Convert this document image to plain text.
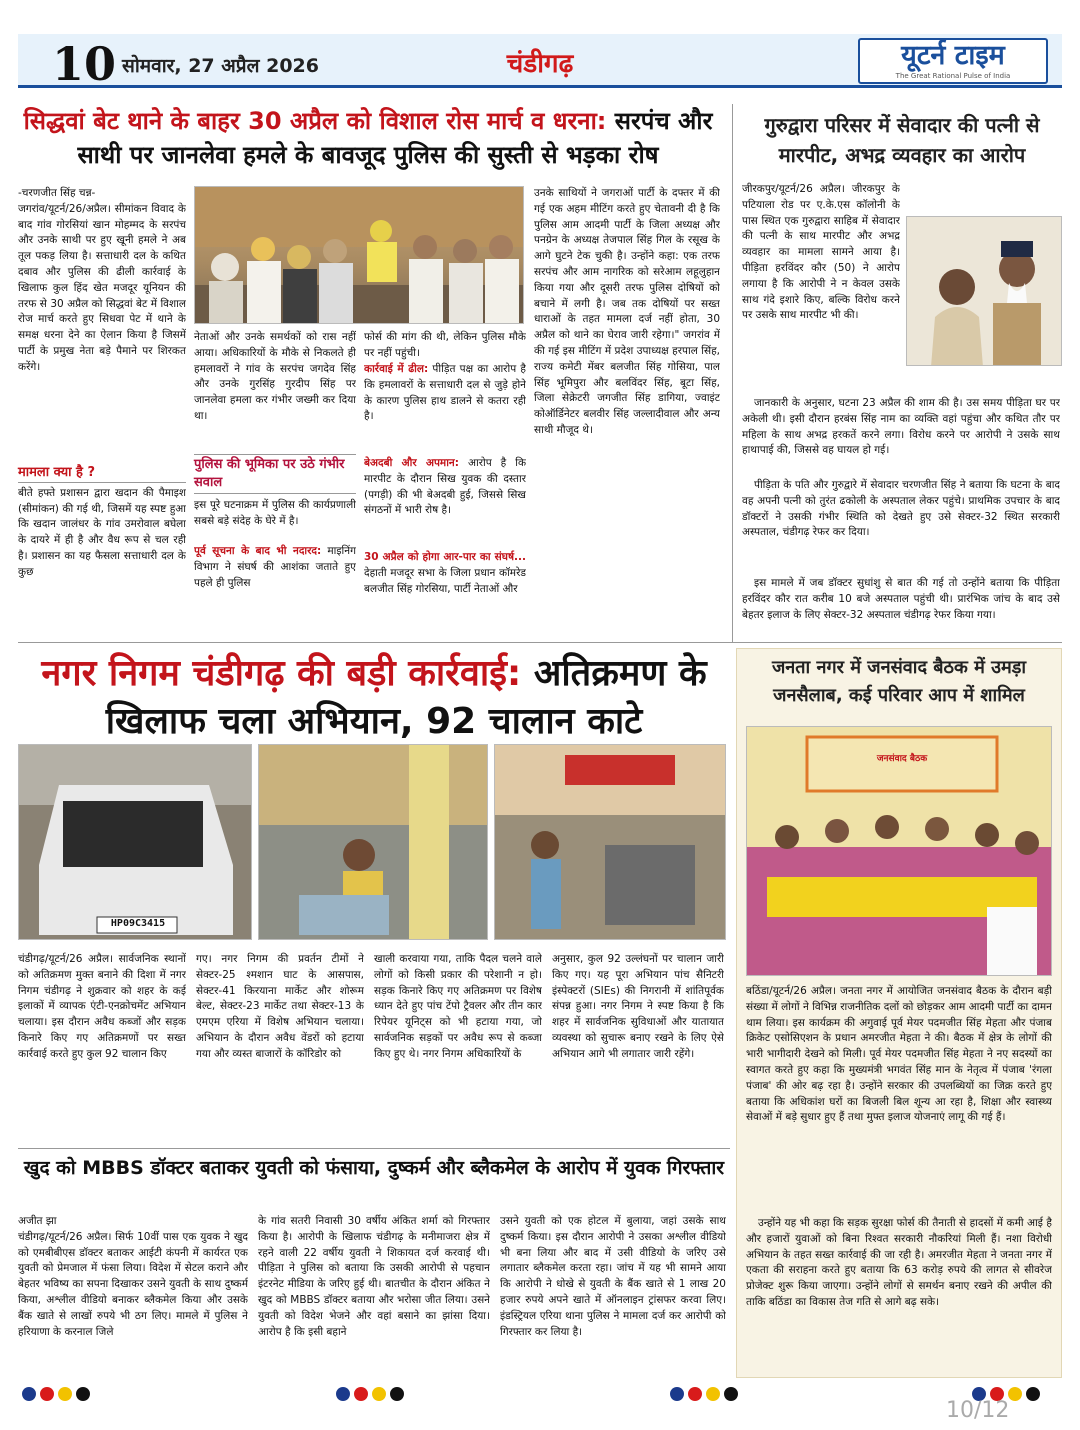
10 सोमवार, 27 अप्रैल 2026	चंडीगढ़	यूटर्न टाइम
The Great Rational Pulse of India
सिद्धवां बेट थाने के बाहर 30 अप्रैल को विशाल रोस मार्च व धरना: सरपंच और साथी पर जानलेवा हमले के बावजूद पुलिस की सुस्ती से भड़का रोष
-चरणजीत सिंह चन्न-
जगरांव/यूटर्न/26/अप्रैल। सीमांकन विवाद के बाद गांव गोरसियां खान मोहम्मद के सरपंच और उनके साथी पर हुए खूनी हमले ने अब तूल पकड़ लिया है। सत्ताधारी दल के कथित दबाव और पुलिस की ढीली कार्रवाई के खिलाफ कुल हिंद खेत मजदूर यूनियन की तरफ से 30 अप्रैल को सिद्धवां बेट में विशाल रोज मार्च करते हुए सिधवा पेट में थाने के समक्ष धरना देने का ऐलान किया है जिसमें पार्टी के प्रमुख नेता बड़े पैमाने पर शिरकत करेंगे।
मामला क्या है ?
बीते हफ्ते प्रशासन द्वारा खदान की पैमाइश (सीमांकन) की गई थी, जिसमें यह स्पष्ट हुआ कि खदान जालंधर के गांव उमरोवाल बघेला के दायरे में ही है और वैध रूप से चल रही है। प्रशासन का यह फैसला सत्ताधारी दल के कुछ
नेताओं और उनके समर्थकों को रास नहीं आया। अधिकारियों के मौके से निकलते ही हमलावरों ने गांव के सरपंच जगदेव सिंह और उनके गुरसिंह गुरदीप सिंह पर जानलेवा हमला कर गंभीर जख्मी कर दिया था।
पुलिस की भूमिका पर उठे गंभीर सवाल
इस पूरे घटनाक्रम में पुलिस की कार्यप्रणाली सबसे बड़े संदेह के घेरे में है।
पूर्व सूचना के बाद भी नदारद: माइनिंग विभाग ने संघर्ष की आशंका जताते हुए पहले ही पुलिस
फोर्स की मांग की थी, लेकिन पुलिस मौके पर नहीं पहुंची।
कार्रवाई में ढील: पीड़ित पक्ष का आरोप है कि हमलावरों के सत्ताधारी दल से जुड़े होने के कारण पुलिस हाथ डालने से कतरा रही है।
बेअदबी और अपमान: आरोप है कि मारपीट के दौरान सिख युवक की दस्तार (पगड़ी) की भी बेअदबी हुई, जिससे सिख संगठनों में भारी रोष है।
30 अप्रैल को होगा आर-पार का संघर्ष... देहाती मजदूर सभा के जिला प्रधान कॉमरेड बलजीत सिंह गोरसिया, पार्टी नेताओं और
उनके साथियों ने जगराओं पार्टी के दफ्तर में की गई एक अहम मीटिंग करते हुए चेतावनी दी है कि पुलिस आम आदमी पार्टी के जिला अध्यक्ष और पनग्रेन के अध्यक्ष तेजपाल सिंह गिल के रसूख के आगे घुटने टेक चुकी है। उन्होंने कहा: एक तरफ सरपंच और आम नागरिक को सरेआम लहूलुहान किया गया और दूसरी तरफ पुलिस दोषियों को बचाने में लगी है। जब तक दोषियों पर सख्त धाराओं के तहत मामला दर्ज नहीं होता, 30 अप्रैल को थाने का घेराव जारी रहेगा।" जगरांव में की गई इस मीटिंग में प्रदेश उपाध्यक्ष हरपाल सिंह, राज्य कमेटी मेंबर बलजीत सिंह गोसिया, पाल सिंह भूमिपुरा और बलविंदर सिंह, बूटा सिंह, जिला सेक्रेटरी जगजीत सिंह डागिया, ज्वाइंट कोऑर्डिनेटर बलवीर सिंह जल्लादीवाल और अन्य साथी मौजूद थे।
गुरुद्वारा परिसर में सेवादार की पत्नी से मारपीट, अभद्र व्यवहार का आरोप
जीरकपुर/यूटर्न/26 अप्रैल। जीरकपुर के पटियाला रोड पर ए.के.एस कॉलोनी के पास स्थित एक गुरुद्वारा साहिब में सेवादार की पत्नी के साथ मारपीट और अभद्र व्यवहार का मामला सामने आया है। पीड़िता हरविंदर कौर (50) ने आरोप लगाया है कि आरोपी ने न केवल उसके साथ गंदे इशारे किए, बल्कि विरोध करने पर उसके साथ मारपीट भी की।
जानकारी के अनुसार, घटना 23 अप्रैल की शाम की है। उस समय पीड़िता घर पर अकेली थी। इसी दौरान हरबंस सिंह नाम का व्यक्ति वहां पहुंचा और कथित तौर पर महिला के साथ अभद्र हरकतें करने लगा। विरोध करने पर आरोपी ने उसके साथ हाथापाई की, जिससे वह घायल हो गई।
पीड़िता के पति और गुरुद्वारे में सेवादार चरणजीत सिंह ने बताया कि घटना के बाद वह अपनी पत्नी को तुरंत ढकोली के अस्पताल लेकर पहुंचे। प्राथमिक उपचार के बाद डॉक्टरों ने उसकी गंभीर स्थिति को देखते हुए उसे सेक्टर-32 स्थित सरकारी अस्पताल, चंडीगढ़ रेफर कर दिया।
इस मामले में जब डॉक्टर सुधांशु से बात की गई तो उन्होंने बताया कि पीड़िता हरविंदर कौर रात करीब 10 बजे अस्पताल पहुंची थी। प्रारंभिक जांच के बाद उसे बेहतर इलाज के लिए सेक्टर-32 अस्पताल चंडीगढ़ रेफर किया गया।
नगर निगम चंडीगढ़ की बड़ी कार्रवाई: अतिक्रमण के खिलाफ चला अभियान, 92 चालान काटे
HP09C3415
चंडीगढ़/यूटर्न/26 अप्रैल। सार्वजनिक स्थानों को अतिक्रमण मुक्त बनाने की दिशा में नगर निगम चंडीगढ़ ने शुक्रवार को शहर के कई इलाकों में व्यापक एंटी-एनक्रोचमेंट अभियान चलाया। इस दौरान अवैध कब्जों और सड़क किनारे किए गए अतिक्रमणों पर सख्त कार्रवाई करते हुए कुल 92 चालान किए
गए। नगर निगम की प्रवर्तन टीमों ने सेक्टर-25 श्मशान घाट के आसपास, सेक्टर-41 किरयाना मार्केट और शोरूम बेल्ट, सेक्टर-23 मार्केट तथा सेक्टर-13 के एमएम एरिया में विशेष अभियान चलाया। अभियान के दौरान अवैध वेंडरों को हटाया गया और व्यस्त बाजारों के कॉरिडोर को
खाली करवाया गया, ताकि पैदल चलने वाले लोगों को किसी प्रकार की परेशानी न हो। सड़क किनारे किए गए अतिक्रमण पर विशेष ध्यान देते हुए पांच टेंपो ट्रैवलर और तीन कार रिपेयर यूनिट्स को भी हटाया गया, जो सार्वजनिक सड़कों पर अवैध रूप से कब्जा किए हुए थे। नगर निगम अधिकारियों के
अनुसार, कुल 92 उल्लंघनों पर चालान जारी किए गए। यह पूरा अभियान पांच सैनिटरी इंस्पेक्टरों (SIEs) की निगरानी में शांतिपूर्वक संपन्न हुआ। नगर निगम ने स्पष्ट किया है कि शहर में सार्वजनिक सुविधाओं और यातायात व्यवस्था को सुचारू बनाए रखने के लिए ऐसे अभियान आगे भी लगातार जारी रहेंगे।
जनता नगर में जनसंवाद बैठक में उमड़ा जनसैलाब, कई परिवार आप में शामिल
जनसंवाद बैठक
बठिंडा/यूटर्न/26 अप्रैल। जनता नगर में आयोजित जनसंवाद बैठक के दौरान बड़ी संख्या में लोगों ने विभिन्न राजनीतिक दलों को छोड़कर आम आदमी पार्टी का दामन थाम लिया। इस कार्यक्रम की अगुवाई पूर्व मेयर पदमजीत सिंह मेहता और पंजाब क्रिकेट एसोसिएशन के प्रधान अमरजीत मेहता ने की। बैठक में क्षेत्र के लोगों की भारी भागीदारी देखने को मिली। पूर्व मेयर पदमजीत सिंह मेहता ने नए सदस्यों का स्वागत करते हुए कहा कि मुख्यमंत्री भगवंत सिंह मान के नेतृत्व में पंजाब 'रंगला पंजाब' की ओर बढ़ रहा है। उन्होंने सरकार की उपलब्धियों का जिक्र करते हुए बताया कि अधिकांश घरों का बिजली बिल शून्य आ रहा है, शिक्षा और स्वास्थ्य सेवाओं में बड़े सुधार हुए हैं तथा मुफ्त इलाज योजनाएं लागू की गई हैं।
उन्होंने यह भी कहा कि सड़क सुरक्षा फोर्स की तैनाती से हादसों में कमी आई है और हजारों युवाओं को बिना रिश्वत सरकारी नौकरियां मिली हैं। नशा विरोधी अभियान के तहत सख्त कार्रवाई की जा रही है। अमरजीत मेहता ने जनता नगर में एकता की सराहना करते हुए बताया कि 63 करोड़ रुपये की लागत से सीवरेज प्रोजेक्ट शुरू किया जाएगा। उन्होंने लोगों से समर्थन बनाए रखने की अपील की ताकि बठिंडा का विकास तेज गति से आगे बढ़ सके।
खुद को MBBS डॉक्टर बताकर युवती को फंसाया, दुष्कर्म और ब्लैकमेल के आरोप में युवक गिरफ्तार
अजीत झा
चंडीगढ़/यूटर्न/26 अप्रैल। सिर्फ 10वीं पास एक युवक ने खुद को एमबीबीएस डॉक्टर बताकर आईटी कंपनी में कार्यरत एक युवती को प्रेमजाल में फंसा लिया। विदेश में सेटल कराने और बेहतर भविष्य का सपना दिखाकर उसने युवती के साथ दुष्कर्म किया, अश्लील वीडियो बनाकर ब्लैकमेल किया और उसके बैंक खाते से लाखों रुपये भी ठग लिए। मामले में पुलिस ने हरियाणा के करनाल जिले
के गांव सतरी निवासी 30 वर्षीय अंकित शर्मा को गिरफ्तार किया है। आरोपी के खिलाफ चंडीगढ़ के मनीमाजरा क्षेत्र में रहने वाली 22 वर्षीय युवती ने शिकायत दर्ज करवाई थी। पीड़िता ने पुलिस को बताया कि उसकी आरोपी से पहचान इंटरनेट मीडिया के जरिए हुई थी। बातचीत के दौरान अंकित ने खुद को MBBS डॉक्टर बताया और भरोसा जीत लिया। उसने युवती को विदेश भेजने और वहां बसाने का झांसा दिया। आरोप है कि इसी बहाने
उसने युवती को एक होटल में बुलाया, जहां उसके साथ दुष्कर्म किया। इस दौरान आरोपी ने उसका अश्लील वीडियो भी बना लिया और बाद में उसी वीडियो के जरिए उसे लगातार ब्लैकमेल करता रहा। जांच में यह भी सामने आया कि आरोपी ने धोखे से युवती के बैंक खाते से 1 लाख 20 हजार रुपये अपने खाते में ऑनलाइन ट्रांसफर करवा लिए। इंडस्ट्रियल एरिया थाना पुलिस ने मामला दर्ज कर आरोपी को गिरफ्तार कर लिया है।
10/12
